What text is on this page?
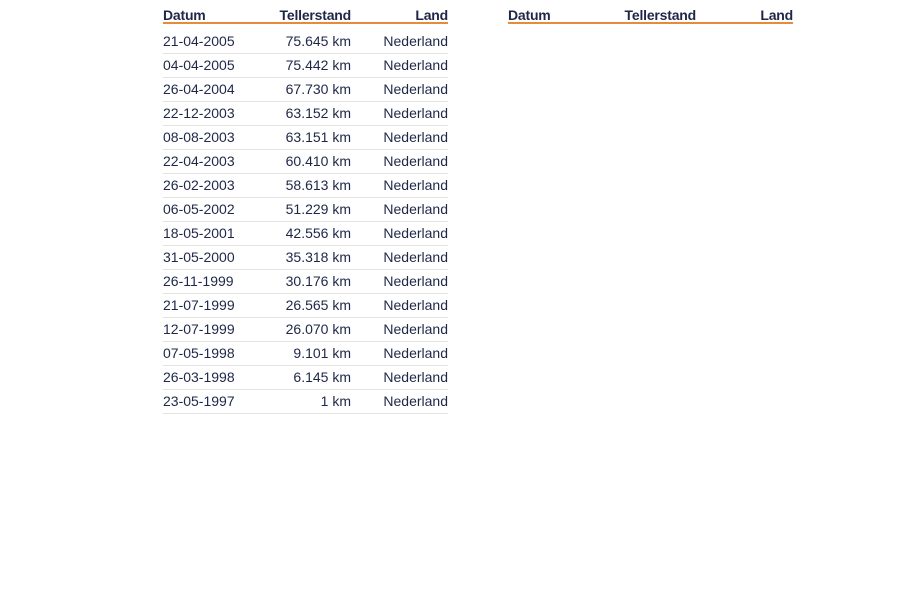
Datum	Tellerstand	Land
21-04-2005	75.645 km	Nederland
04-04-2005	75.442 km	Nederland
26-04-2004	67.730 km	Nederland
22-12-2003	63.152 km	Nederland
08-08-2003	63.151 km	Nederland
22-04-2003	60.410 km	Nederland
26-02-2003	58.613 km	Nederland
06-05-2002	51.229 km	Nederland
18-05-2001	42.556 km	Nederland
31-05-2000	35.318 km	Nederland
26-11-1999	30.176 km	Nederland
21-07-1999	26.565 km	Nederland
12-07-1999	26.070 km	Nederland
07-05-1998	9.101 km	Nederland
26-03-1998	6.145 km	Nederland
23-05-1997	1 km	Nederland
Datum	Tellerstand	Land
